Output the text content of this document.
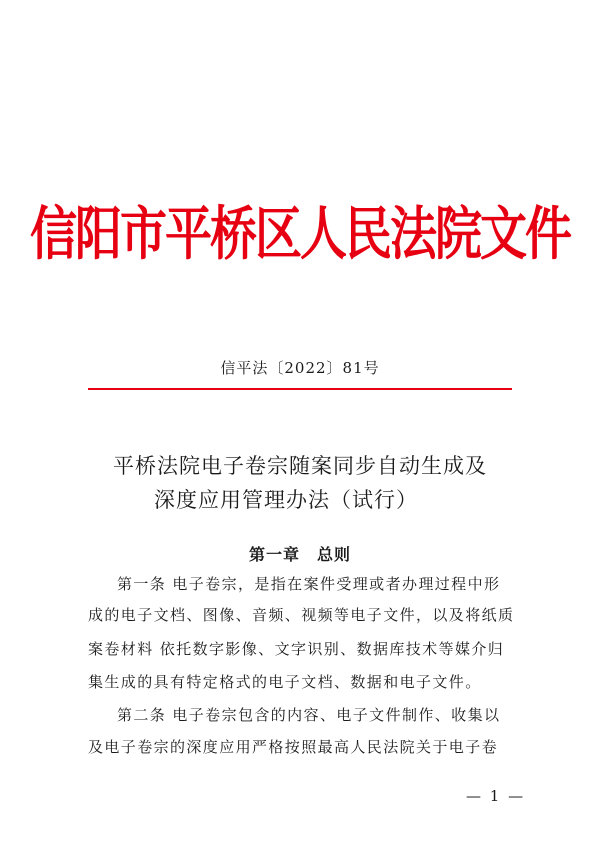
信阳市平桥区人民法院文件
信平法〔2022〕81号
平桥法院电子卷宗随案同步自动生成及
深度应用管理办法（试行）
第一章　总则
第一条 电子卷宗，是指在案件受理或者办理过程中形
成的电子文档、图像、音频、视频等电子文件，以及将纸质
案卷材料 依托数字影像、文字识别、数据库技术等媒介归
集生成的具有特定格式的电子文档、数据和电子文件。
第二条 电子卷宗包含的内容、电子文件制作、收集以
及电子卷宗的深度应用严格按照最高人民法院关于电子卷
— 1 —
